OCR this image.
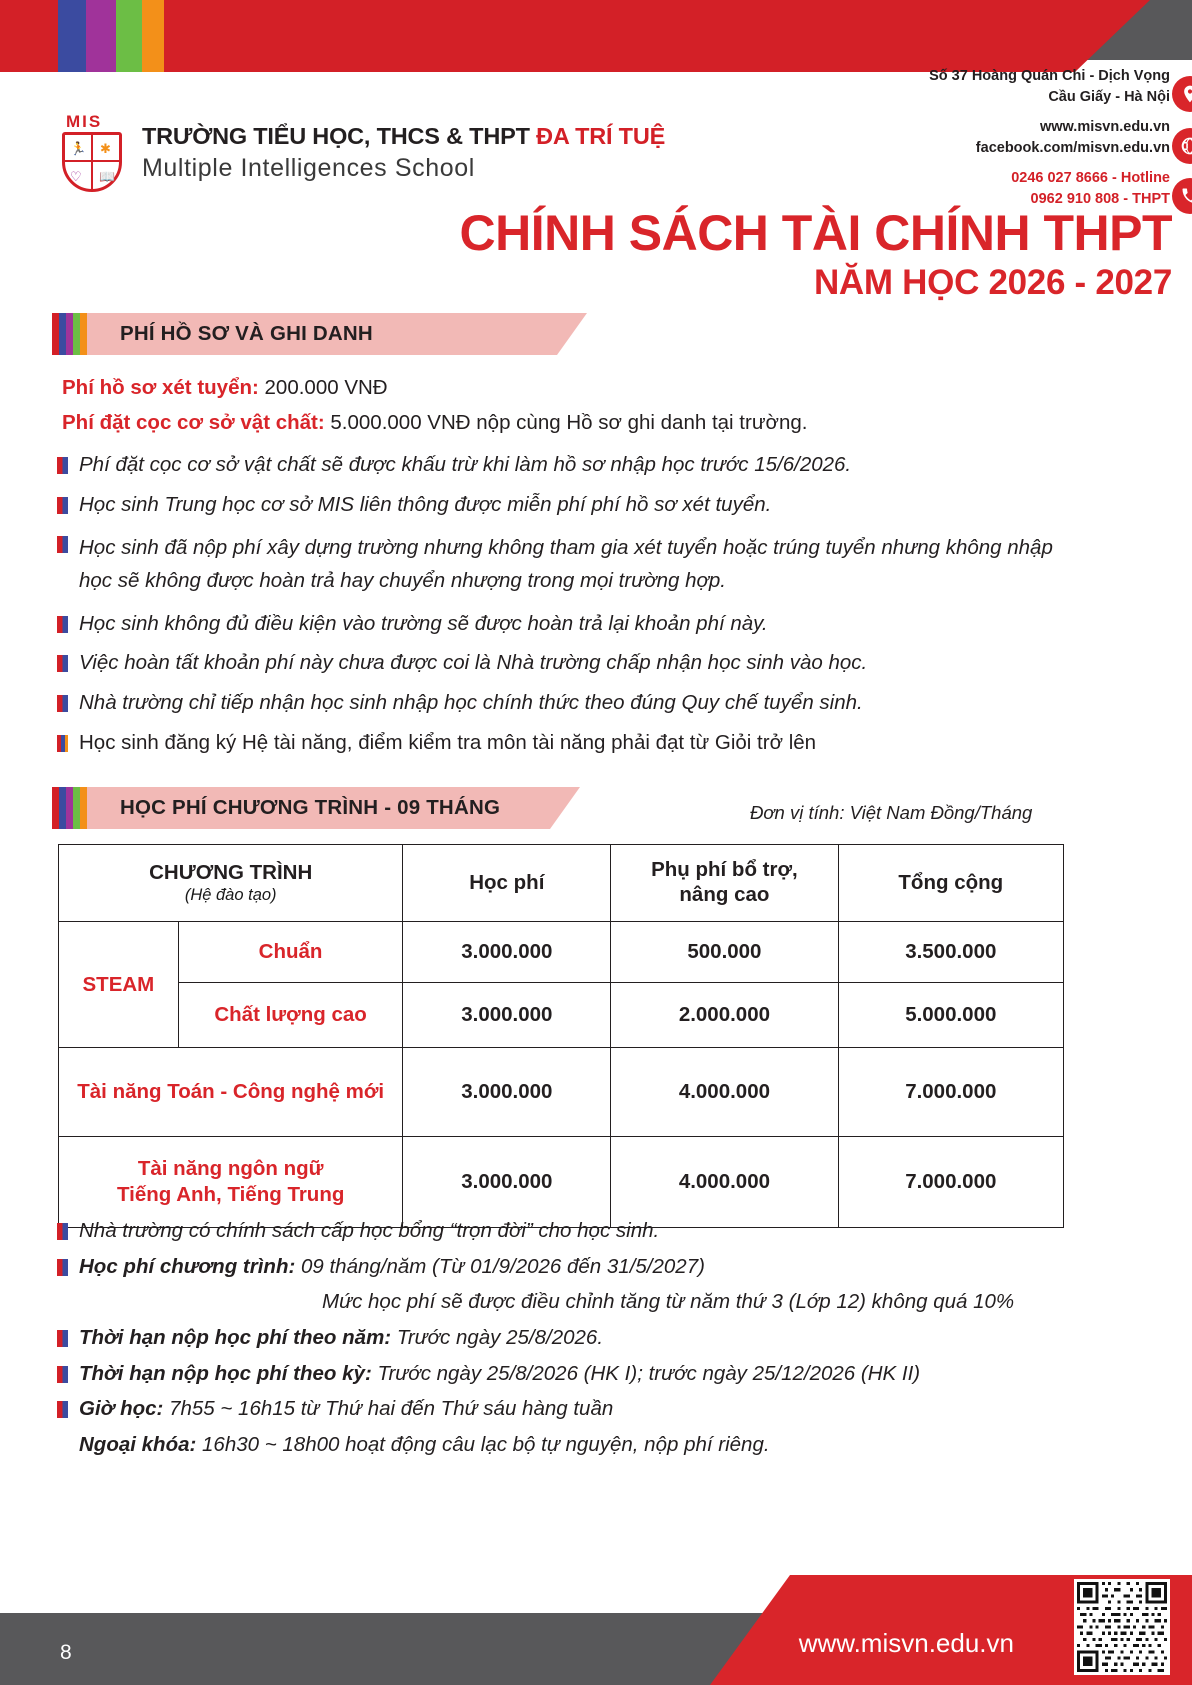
Số 37 Hoàng Quán Chi - Dịch Vọng
Cầu Giấy - Hà Nội
www.misvn.edu.vn
facebook.com/misvn.edu.vn
0246 027 8666 - Hotline
0962 910 808 - THPT
MIS
🏃 ✱
♡ 📖
TRƯỜNG TIỂU HỌC, THCS & THPT ĐA TRÍ TUỆ
Multiple Intelligences School
CHÍNH SÁCH TÀI CHÍNH THPT
NĂM HỌC 2026 - 2027
PHÍ HỒ SƠ VÀ GHI DANH
Phí hồ sơ xét tuyển: 200.000 VNĐ
Phí đặt cọc cơ sở vật chất: 5.000.000 VNĐ nộp cùng Hồ sơ ghi danh tại trường.
Phí đặt cọc cơ sở vật chất sẽ được khấu trừ khi làm hồ sơ nhập học trước 15/6/2026.
Học sinh Trung học cơ sở MIS liên thông được miễn phí phí hồ sơ xét tuyển.
Học sinh đã nộp phí xây dựng trường nhưng không tham gia xét tuyển hoặc trúng tuyển nhưng không nhập học sẽ không được hoàn trả hay chuyển nhượng trong mọi trường hợp.
Học sinh không đủ điều kiện vào trường sẽ được hoàn trả lại khoản phí này.
Việc hoàn tất khoản phí này chưa được coi là Nhà trường chấp nhận học sinh vào học.
Nhà trường chỉ tiếp nhận học sinh nhập học chính thức theo đúng Quy chế tuyển sinh.
Học sinh đăng ký Hệ tài năng, điểm kiểm tra môn tài năng phải đạt từ Giỏi trở lên
HỌC PHÍ CHƯƠNG TRÌNH - 09 THÁNG	Đơn vị tính: Việt Nam Đồng/Tháng
CHƯƠNG TRÌNH
(Hệ đào tạo)		Học phí	Phụ phí bổ trợ,
nâng cao	Tổng cộng
STEAM	Chuẩn	3.000.000	500.000	3.500.000
	Chất lượng cao	3.000.000	2.000.000	5.000.000
Tài năng Toán - Công nghệ mới		3.000.000	4.000.000	7.000.000
Tài năng ngôn ngữ
Tiếng Anh, Tiếng Trung		3.000.000	4.000.000	7.000.000
Nhà trường có chính sách cấp học bổng “trọn đời” cho học sinh.
Học phí chương trình: 09 tháng/năm (Từ 01/9/2026 đến 31/5/2027)
Mức học phí sẽ được điều chỉnh tăng từ năm thứ 3 (Lớp 12) không quá 10%
Thời hạn nộp học phí theo năm: Trước ngày 25/8/2026.
Thời hạn nộp học phí theo kỳ: Trước ngày 25/8/2026 (HK I); trước ngày 25/12/2026 (HK II)
Giờ học: 7h55 ~ 16h15 từ Thứ hai đến Thứ sáu hàng tuần
Ngoại khóa: 16h30 ~ 18h00 hoạt động câu lạc bộ tự nguyện, nộp phí riêng.
8	www.misvn.edu.vn
